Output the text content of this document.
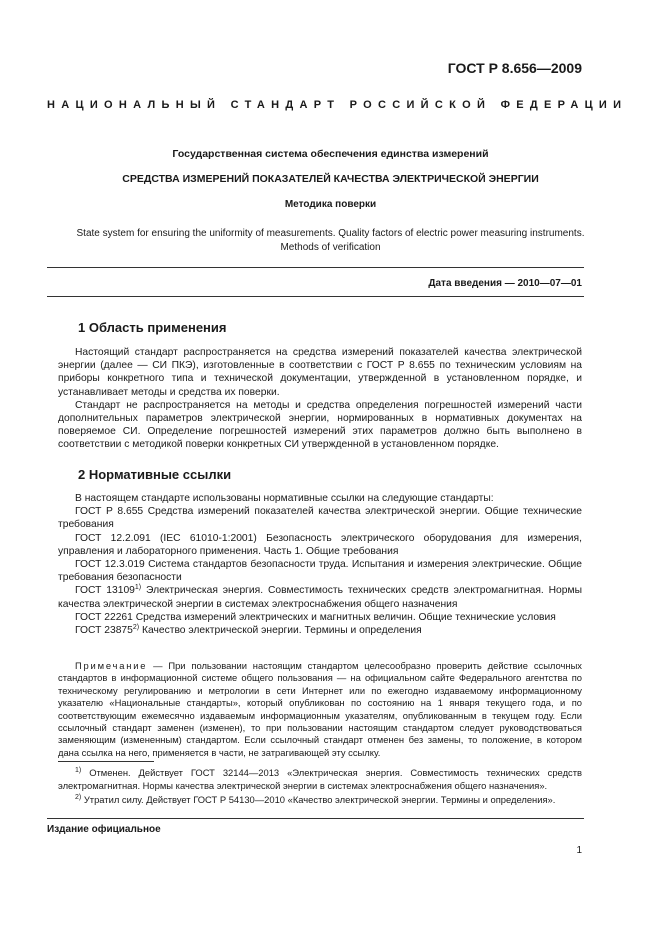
ГОСТ Р 8.656—2009
НАЦИОНАЛЬНЫЙ СТАНДАРТ РОССИЙСКОЙ ФЕДЕРАЦИИ
Государственная система обеспечения единства измерений
СРЕДСТВА ИЗМЕРЕНИЙ ПОКАЗАТЕЛЕЙ КАЧЕСТВА ЭЛЕКТРИЧЕСКОЙ ЭНЕРГИИ
Методика поверки
State system for ensuring the uniformity of measurements. Quality factors of electric power measuring instruments.
Methods of verification
Дата введения — 2010—07—01
1 Область применения

Настоящий стандарт распространяется на средства измерений показателей качества электрической энергии (далее — СИ ПКЭ), изготовленные в соответствии с ГОСТ Р 8.655 по техническим условиям на приборы конкретного типа и технической документации, утвержденной в установленном порядке, и устанавливает методы и средства их поверки.

Стандарт не распространяется на методы и средства определения погрешностей измерений части дополнительных параметров электрической энергии, нормированных в нормативных документах на поверяемое СИ. Определение погрешностей измерений этих параметров должно быть выполнено в соответствии с методикой поверки конкретных СИ утвержденной в установленном порядке.

2 Нормативные ссылки

В настоящем стандарте использованы нормативные ссылки на следующие стандарты:

ГОСТ Р 8.655 Средства измерений показателей качества электрической энергии. Общие технические требования

ГОСТ 12.2.091 (IEC 61010-1:2001) Безопасность электрического оборудования для измерения, управления и лабораторного применения. Часть 1. Общие требования

ГОСТ 12.3.019 Система стандартов безопасности труда. Испытания и измерения электрические. Общие требования безопасности

ГОСТ 13109$^{1)}$ Электрическая энергия. Совместимость технических средств электромагнитная. Нормы качества электрической энергии в системах электроснабжения общего назначения

ГОСТ 22261 Средства измерений электрических и магнитных величин. Общие технические условия

ГОСТ 23875$^{2)}$ Качество электрической энергии. Термины и определения

Примечание — При пользовании настоящим стандартом целесообразно проверить действие ссылочных стандартов в информационной системе общего пользования — на официальном сайте Федерального агентства по техническому регулированию и метрологии в сети Интернет или по ежегодно издаваемому информационному указателю «Национальные стандарты», который опубликован по состоянию на 1 января текущего года, и по соответствующим ежемесячно издаваемым информационным указателям, опубликованным в текущем году. Если ссылочный стандарт заменен (изменен), то при пользовании настоящим стандартом следует руководствоваться заменяющим (измененным) стандартом. Если ссылочный стандарт отменен без замены, то положение, в котором дана ссылка на него, применяется в части, не затрагивающей эту ссылку.
$^{1)}$ Отменен. Действует ГОСТ 32144—2013 «Электрическая энергия. Совместимость технических средств электромагнитная. Нормы качества электрической энергии в системах электроснабжения общего назначения».
$^{2)}$ Утратил силу. Действует ГОСТ Р 54130—2010 «Качество электрической энергии. Термины и определения».
Издание официальное
1
